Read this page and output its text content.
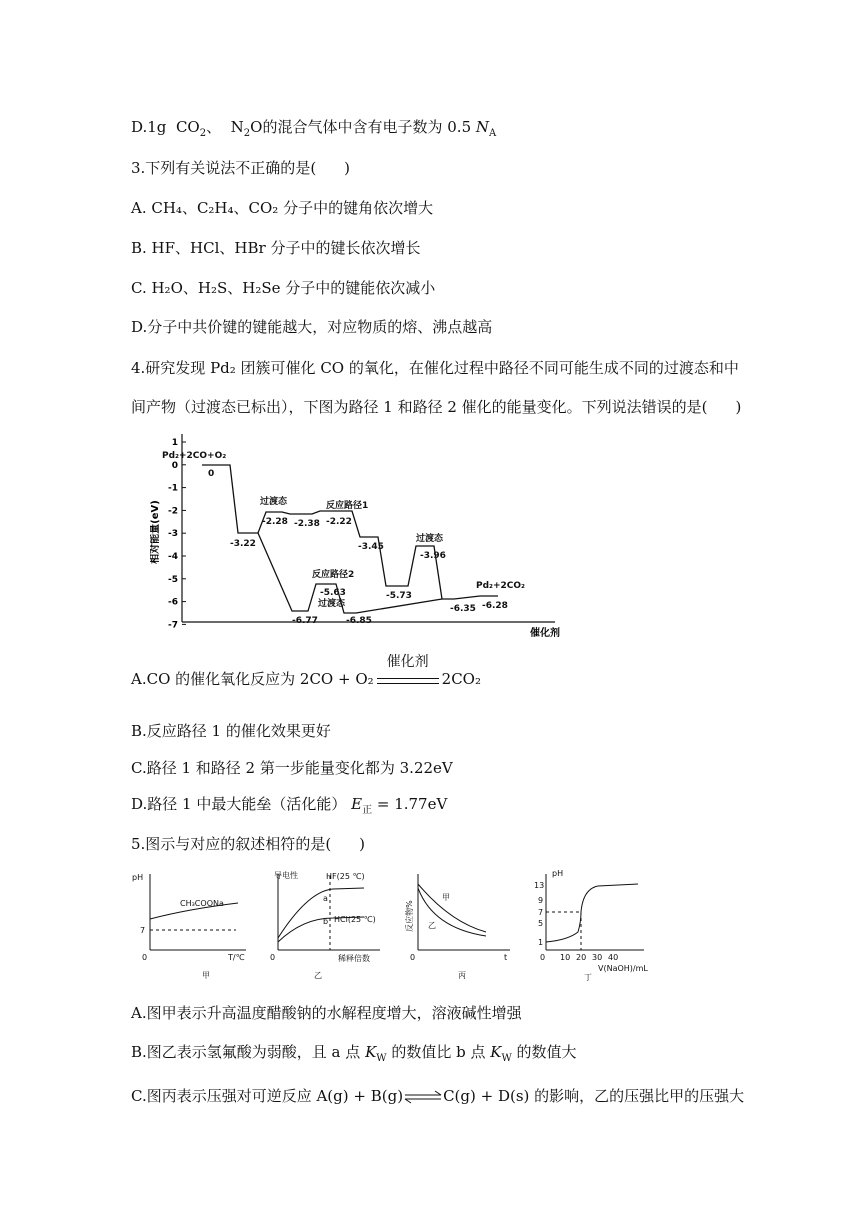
D.1g $CO_2$、 $N_2O$的混合气体中含有电子数为 0.5 $N_A$
3.下列有关说法不正确的是( )
A. CH₄、C₂H₄、CO₂ 分子中的键角依次增大
B. HF、HCl、HBr 分子中的键长依次增长
C. H₂O、H₂S、H₂Se 分子中的键能依次减小
D.分子中共价键的键能越大，对应物质的熔、沸点越高
4.研究发现 Pd₂ 团簇可催化 CO 的氧化，在催化过程中路径不同可能生成不同的过渡态和中
间产物（过渡态已标出），下图为路径 1 和路径 2 催化的能量变化。下列说法错误的是( )
1
0
-1
-2
-3
-4
-5
-6
-7
相对能量(eV)
催化剂
Pd₂+2CO+O₂
0
-3.22
过渡态
-2.28 -2.38
反应路径1
-2.22
-3.45
-5.73
过渡态
-3.96
Pd₂+2CO₂
-6.35 -6.28
反应路径2
-5.63
过渡态
-6.77	-6.85
A.CO 的催化氧化反应为 2CO + O₂
催化剂
2CO₂
B.反应路径 1 的催化效果更好
C.路径 1 和路径 2 第一步能量变化都为 3.22eV
D.路径 1 中最大能垒（活化能） $E_正 = 1.77eV$
5.图示与对应的叙述相符的是( )
pH
CH₃COONa
7
0	T/℃
甲
导电性	HF(25 ℃)
HCl(25 ℃)
a
b
0	稀释倍数
乙
反应物%
甲
乙
0	t
丙
pH
13
9
7
5
1
0 10 20 30 40
V(NaOH)/mL
丁
A.图甲表示升高温度醋酸钠的水解程度增大，溶液碱性增强
B.图乙表示氢氟酸为弱酸，且 a 点 $K_W$ 的数值比 b 点 $K_W$ 的数值大
C.图丙表示压强对可逆反应 A(g) + B(g)⇌C(g) + D(s) 的影响，乙的压强比甲的压强大
